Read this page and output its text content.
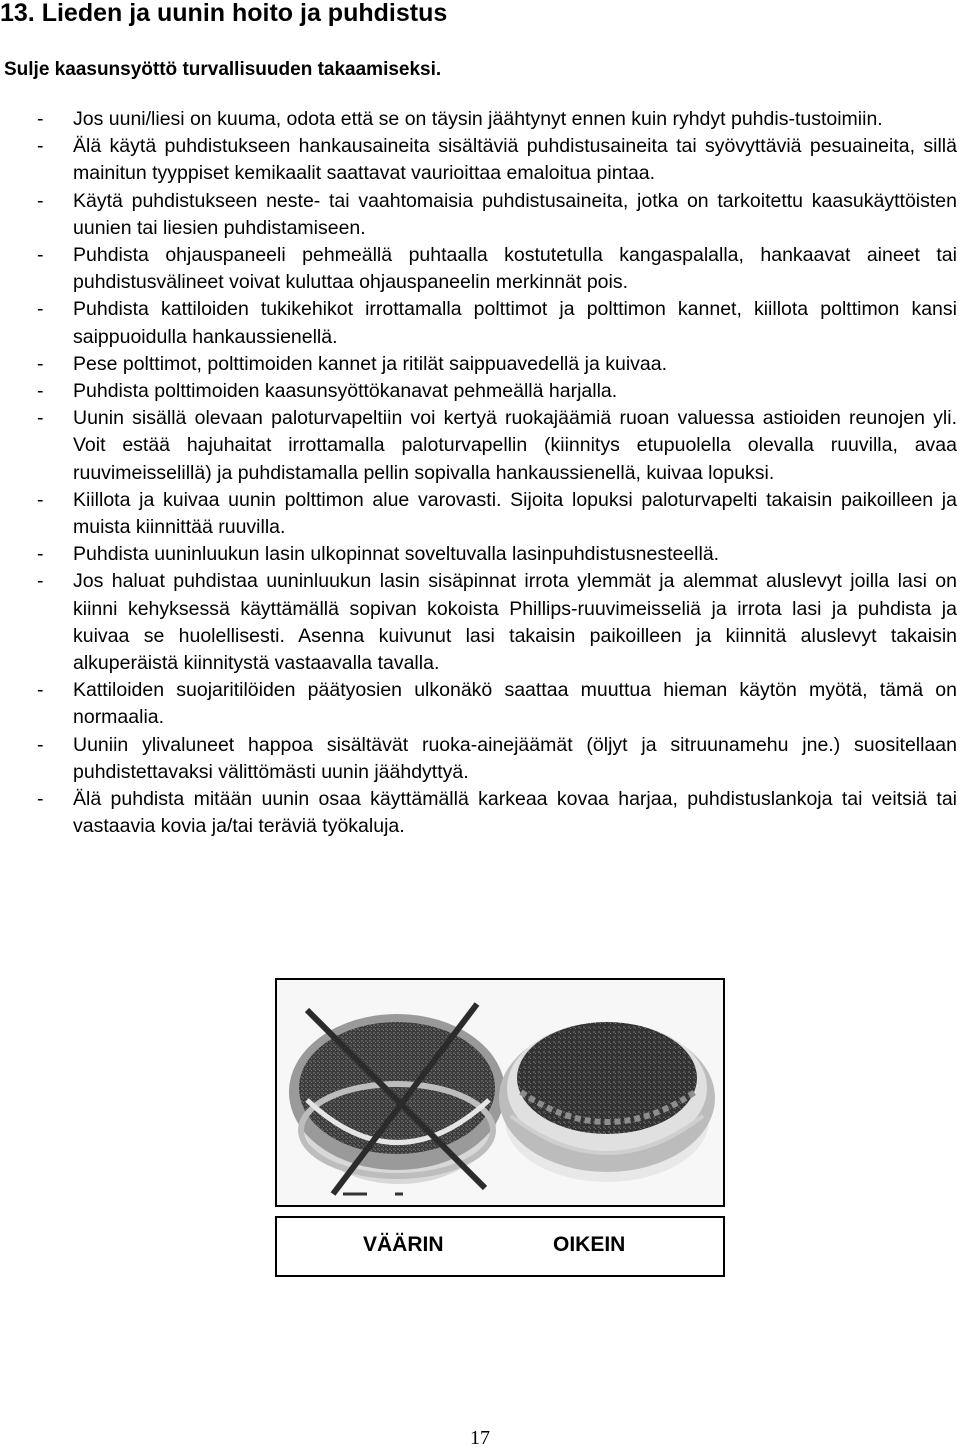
13. Lieden ja uunin hoito ja puhdistus

Sulje kaasunsyöttö turvallisuuden takaamiseksi.

- Jos uuni/liesi on kuuma, odota että se on täysin jäähtynyt ennen kuin ryhdyt puhdis-tustoimiin.
- Älä käytä puhdistukseen hankausaineita sisältäviä puhdistusaineita tai syövyttäviä pesuaineita, sillä mainitun tyyppiset kemikaalit saattavat vaurioittaa emaloitua pintaa.
- Käytä puhdistukseen neste- tai vaahtomaisia puhdistusaineita, jotka on tarkoitettu kaasukäyttöisten uunien tai liesien puhdistamiseen.
- Puhdista ohjauspaneeli pehmeällä puhtaalla kostutetulla kangaspalalla, hankaavat aineet tai puhdistusvälineet voivat kuluttaa ohjauspaneelin merkinnät pois.
- Puhdista kattiloiden tukikehikot irrottamalla polttimot ja polttimon kannet, kiillota polttimon kansi saippuoidulla hankaussienellä.
- Pese polttimot, polttimoiden kannet ja ritilät saippuavedellä ja kuivaa.
- Puhdista polttimoiden kaasunsyöttökanavat pehmeällä harjalla.
- Uunin sisällä olevaan paloturvapeltiin voi kertyä ruokajäämiä ruoan valuessa astioiden reunojen yli. Voit estää hajuhaitat irrottamalla paloturvapellin (kiinnitys etupuolella olevalla ruuvilla, avaa ruuvimeisselillä) ja puhdistamalla pellin sopivalla hankaussienellä, kuivaa lopuksi.
- Kiillota ja kuivaa uunin polttimon alue varovasti. Sijoita lopuksi paloturvapelti takaisin paikoilleen ja muista kiinnittää ruuvilla.
- Puhdista uuninluukun lasin ulkopinnat soveltuvalla lasinpuhdistusnesteellä.
- Jos haluat puhdistaa uuninluukun lasin sisäpinnat irrota ylemmät ja alemmat aluslevyt joilla lasi on kiinni kehyksessä käyttämällä sopivan kokoista Phillips-ruuvimeisseliä ja irrota lasi ja puhdista ja kuivaa se huolellisesti. Asenna kuivunut lasi takaisin paikoilleen ja kiinnitä aluslevyt takaisin alkuperäistä kiinnitystä vastaavalla tavalla.
- Kattiloiden suojaritilöiden päätyosien ulkonäkö saattaa muuttua hieman käytön myötä, tämä on normaalia.
- Uuniin ylivaluneet happoa sisältävät ruoka-ainejäämät (öljyt ja sitruunamehu jne.) suositellaan puhdistettavaksi välittömästi uunin jäähdyttyä.
- Älä puhdista mitään uunin osaa käyttämällä karkeaa kovaa harjaa, puhdistuslankoja tai veitsiä tai vastaavia kovia ja/tai teräviä työkaluja.
VÄÄRIN	OIKEIN
17
